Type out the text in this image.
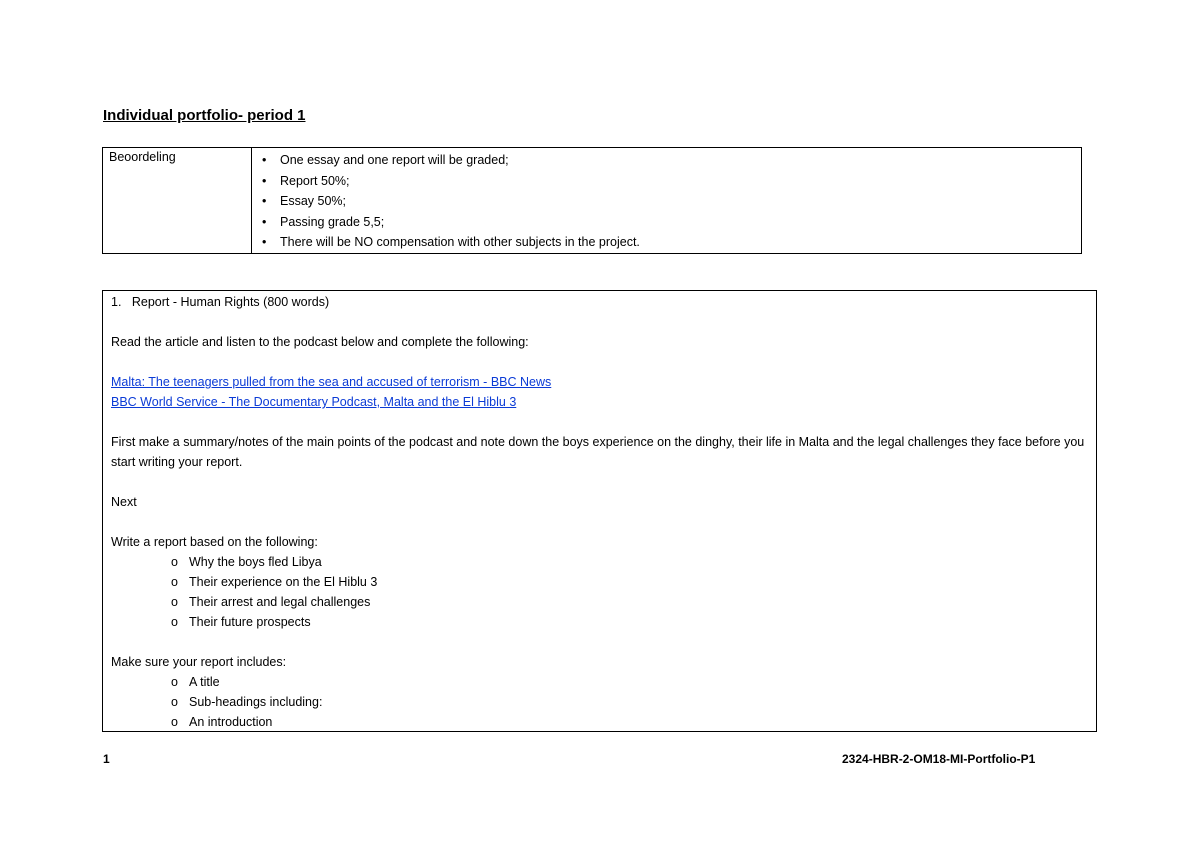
Individual portfolio- period 1
Beoordeling	
•One essay and one report will be graded;
• Report 50%;
• Essay 50%;
• Passing grade 5,5;
• There will be NO compensation with other subjects in the project.
1. Report - Human Rights (800 words)
Read the article and listen to the podcast below and complete the following:
Malta: The teenagers pulled from the sea and accused of terrorism - BBC News
BBC World Service - The Documentary Podcast, Malta and the El Hiblu 3
First make a summary/notes of the main points of the podcast and note down the boys experience on the dinghy, their life in Malta and the legal challenges they face before you start writing your report.
Next
Write a report based on the following:
o Why the boys fled Libya
o Their experience on the El Hiblu 3
o Their arrest and legal challenges
o Their future prospects
Make sure your report includes:
o A title
o Sub-headings including:
o An introduction
1	2324-HBR-2-OM18-MI-Portfolio-P1
